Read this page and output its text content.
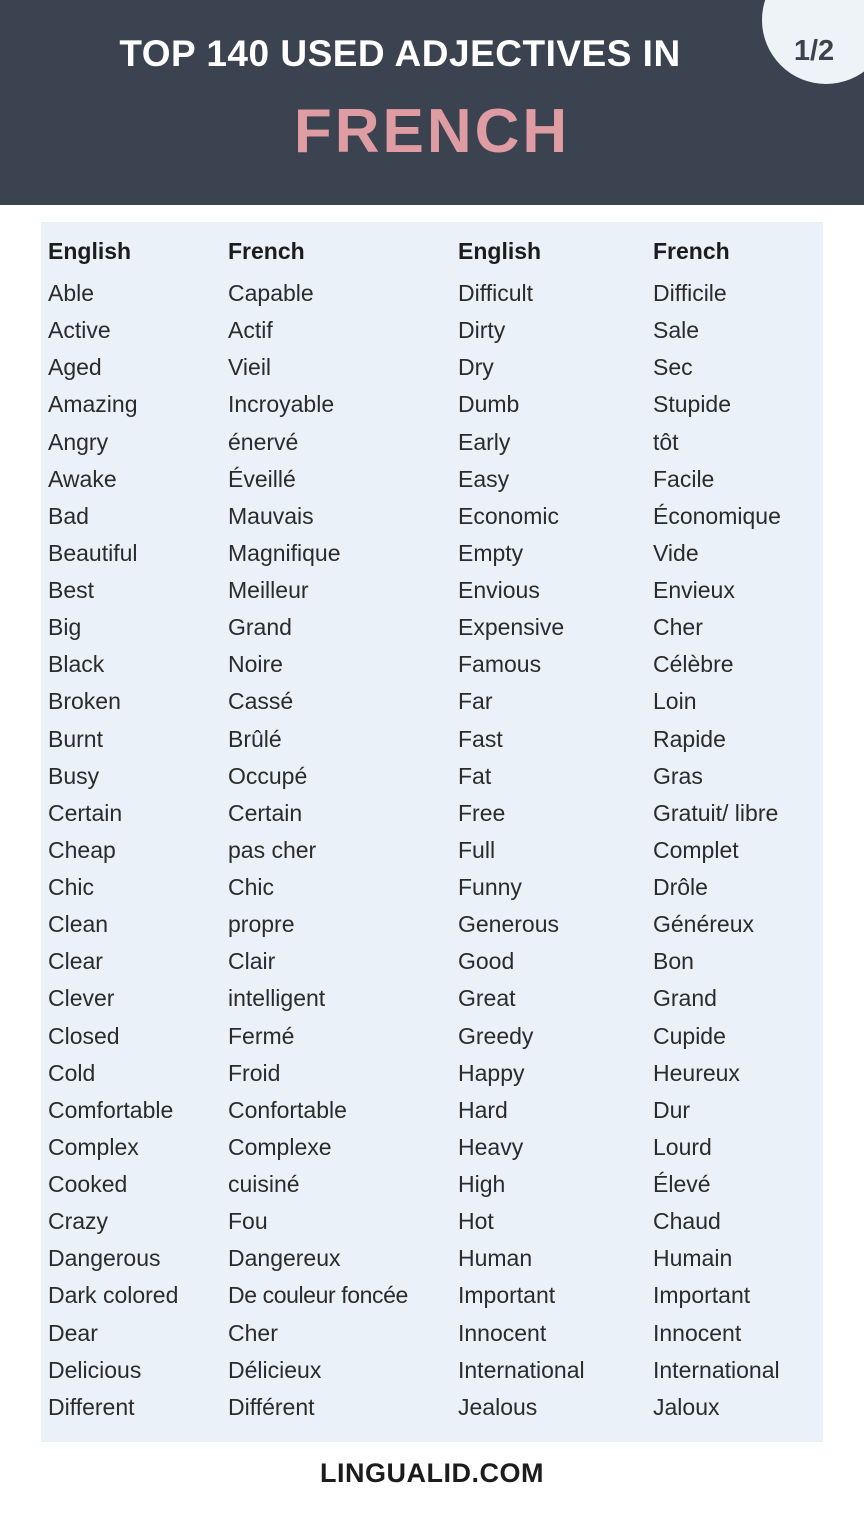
TOP 140 USED ADJECTIVES IN
FRENCH
1/2
English	French	English	French
Able	Capable	Difficult	Difficile
Active	Actif	Dirty	Sale
Aged	Vieil	Dry	Sec
Amazing	Incroyable	Dumb	Stupide
Angry	énervé	Early	tôt
Awake	Éveillé	Easy	Facile
Bad	Mauvais	Economic	Économique
Beautiful	Magnifique	Empty	Vide
Best	Meilleur	Envious	Envieux
Big	Grand	Expensive	Cher
Black	Noire	Famous	Célèbre
Broken	Cassé	Far	Loin
Burnt	Brûlé	Fast	Rapide
Busy	Occupé	Fat	Gras
Certain	Certain	Free	Gratuit/ libre
Cheap	pas cher	Full	Complet
Chic	Chic	Funny	Drôle
Clean	propre	Generous	Généreux
Clear	Clair	Good	Bon
Clever	intelligent	Great	Grand
Closed	Fermé	Greedy	Cupide
Cold	Froid	Happy	Heureux
Comfortable	Confortable	Hard	Dur
Complex	Complexe	Heavy	Lourd
Cooked	cuisiné	High	Élevé
Crazy	Fou	Hot	Chaud
Dangerous	Dangereux	Human	Humain
Dark colored	De couleur foncée	Important	Important
Dear	Cher	Innocent	Innocent
Delicious	Délicieux	International	International
Different	Différent	Jealous	Jaloux
LINGUALID.COM
